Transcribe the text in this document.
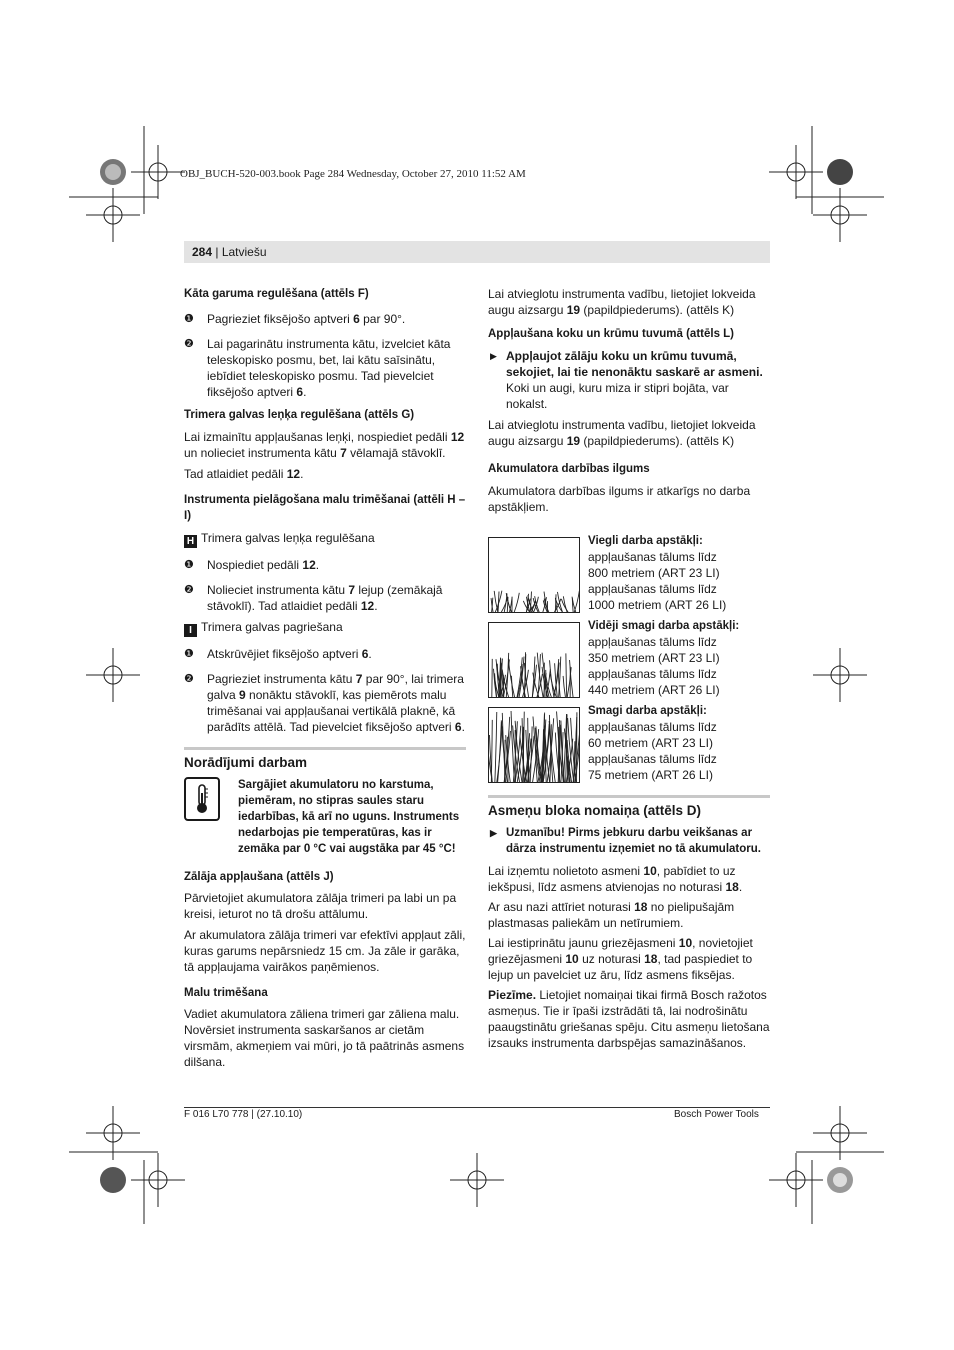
OBJ_BUCH-520-003.book Page 284 Wednesday, October 27, 2010 11:52 AM
284 | Latviešu

Kāta garuma regulēšana (attēls F)

❶ Pagrieziet fiksējošo aptveri 6 par 90°.

❷ Lai pagarinātu instrumenta kātu, izvelciet kāta teleskopisko posmu, bet, lai kātu saīsinātu, iebīdiet teleskopisko posmu. Tad pievelciet fiksējošo aptveri 6.

Trimera galvas leņķa regulēšana (attēls G)

Lai izmainītu appļaušanas leņķi, nospiediet pedāli 12 un nolieciet instrumenta kātu 7 vēlamajā stāvoklī.

Tad atlaidiet pedāli 12.

Instrumenta pielāgošana malu trimēšanai (attēli H – I)

H Trimera galvas leņķa regulēšana

❶ Nospiediet pedāli 12.

❷ Nolieciet instrumenta kātu 7 lejup (zemākajā stāvoklī). Tad atlaidiet pedāli 12.

I Trimera galvas pagriešana

❶ Atskrūvējiet fiksējošo aptveri 6.

❷ Pagrieziet instrumenta kātu 7 par 90°, lai trimera galva 9 nonāktu stāvoklī, kas piemērots malu trimēšanai vai appļaušanai vertikālā plaknē, kā parādīts attēlā. Tad pievelciet fiksējošo aptveri 6.

Norādījumi darbam

Sargājiet akumulatoru no karstuma, piemēram, no stipras saules staru iedarbības, kā arī no uguns. Instruments nedarbojas pie temperatūras, kas ir zemāka par 0 °C vai augstāka par 45 °C!

Zālāja appļaušana (attēls J)

Pārvietojiet akumulatora zālāja trimeri pa labi un pa kreisi, ieturot no tā drošu attālumu.

Ar akumulatora zālāja trimeri var efektīvi appļaut zāli, kuras garums nepārsniedz 15 cm. Ja zāle ir garāka, tā appļaujama vairākos paņēmienos.

Malu trimēšana

Vadiet akumulatora zāliena trimeri gar zāliena malu. Novērsiet instrumenta saskaršanos ar cietām virsmām, akmeņiem vai mūri, jo tā paātrinās asmens dilšana.

Lai atvieglotu instrumenta vadību, lietojiet lokveida augu aizsargu 19 (papildpiederums). (attēls K)

Appļaušana koku un krūmu tuvumā (attēls L)

▶ Appļaujot zālāju koku un krūmu tuvumā, sekojiet, lai tie nenonāktu saskarē ar asmeni. Koki un augi, kuru miza ir stipri bojāta, var nokalst.

Lai atvieglotu instrumenta vadību, lietojiet lokveida augu aizsargu 19 (papildpiederums). (attēls K)

Akumulatora darbības ilgums

Akumulatora darbības ilgums ir atkarīgs no darba apstākļiem.

Viegli darba apstākļi:

appļaušanas tālums līdz

800 metriem (ART 23 LI)

appļaušanas tālums līdz

1000 metriem (ART 26 LI)

Vidēji smagi darba apstākļi:

appļaušanas tālums līdz

350 metriem (ART 23 LI)

appļaušanas tālums līdz

440 metriem (ART 26 LI)

Smagi darba apstākļi:

appļaušanas tālums līdz

60 metriem (ART 23 LI)

appļaušanas tālums līdz

75 metriem (ART 26 LI)

Asmeņu bloka nomaiņa (attēls D)

▶ Uzmanību! Pirms jebkuru darbu veikšanas ar dārza instrumentu izņemiet no tā akumulatoru.

Lai izņemtu nolietoto asmeni 10, pabīdiet to uz iekšpusi, līdz asmens atvienojas no noturasi 18.

Ar asu nazi attīriet noturasi 18 no pielipušajām plastmasas paliekām un netīrumiem.

Lai iestiprinātu jaunu griezējasmeni 10, novietojiet griezējasmeni 10 uz noturasi 18, tad paspiediet to lejup un pavelciet uz āru, līdz asmens fiksējas.

Piezīme. Lietojiet nomaiņai tikai firmā Bosch ražotos asmeņus. Tie ir īpaši izstrādāti tā, lai nodrošinātu paaugstinātu griešanas spēju. Citu asmeņu lietošana izsauks instrumenta darbspējas samazināšanos.

F 016 L70 778 | (27.10.10)	Bosch Power Tools
